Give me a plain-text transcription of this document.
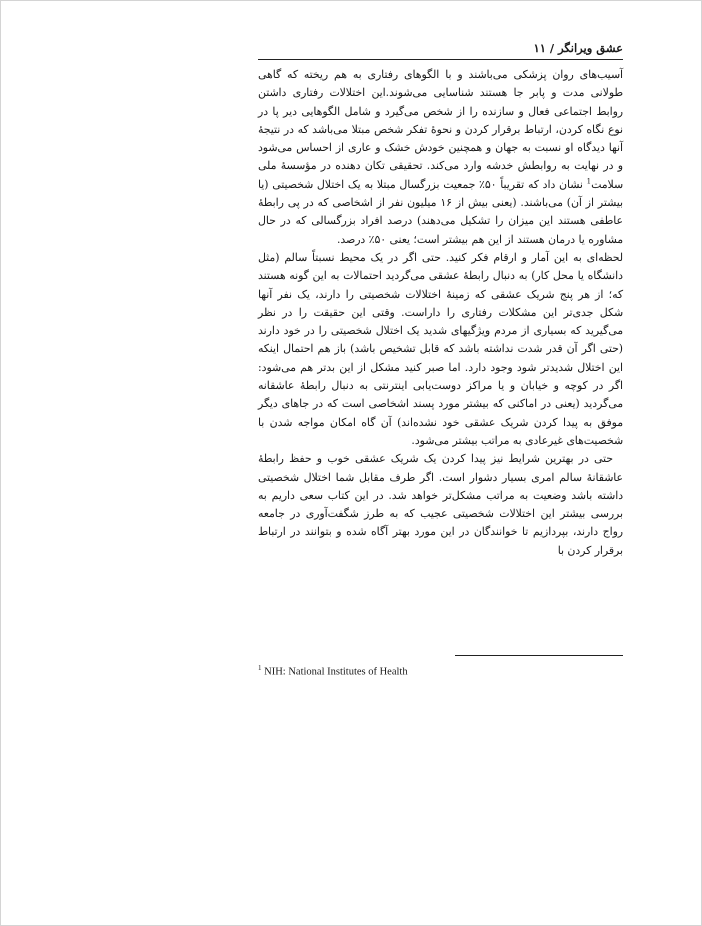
عشق ویرانگر / ۱۱

آسیب‌های روان پزشکی می‌باشند و با الگوهای رفتاری به هم ریخته که گاهی طولانی مدت و پابر جا هستند شناسایی می‌شوند.این اختلالات رفتاری داشتن روابط اجتماعی فعال و سازنده را از شخص می‌گیرد و شامل الگوهایی دیر پا در نوع نگاه کردن، ارتباط برقرار کردن و نحوهٔ تفکر شخص مبتلا می‌باشد که در نتیجهٔ آنها دیدگاه او نسبت به جهان و همچنین خودش خشک و عاری از احساس می‌شود و در نهایت به روابطش خدشه وارد می‌کند. تحقیقی تکان دهنده در مؤسسهٔ ملی سلامت$^1$ نشان داد که تقریباً ۵۰٪ جمعیت بزرگسال مبتلا به یک اختلال شخصیتی (یا بیشتر از آن) می‌باشند. (یعنی بیش از ۱۶ میلیون نفر از اشخاصی که در پی رابطهٔ عاطفی هستند این میزان را تشکیل می‌دهند) درصد افراد بزرگسالی که در حال مشاوره یا درمان هستند از این هم بیشتر است؛ یعنی ۵۰٪ درصد.

لحظه‌ای به این آمار و ارقام فکر کنید. حتی اگر در یک محیط نسبتاً سالم (مثل دانشگاه یا محل کار) به دنبال رابطهٔ عشقی می‌گردید احتمالات به این گونه هستند که؛ از هر پنج شریک عشقی که زمینهٔ اختلالات شخصیتی را دارند، یک نفر آنها شکل جدی‌تر این مشکلات رفتاری را داراست. وقتی این حقیقت را در نظر می‌گیرید که بسیاری از مردم ویژگیهای شدید یک اختلال شخصیتی را در خود دارند (حتی اگر آن قدر شدت نداشته باشد که قابل تشخیص باشد) باز هم احتمال اینکه این اختلال شدیدتر شود وجود دارد. اما صبر کنید مشکل از این بدتر هم می‌شود: اگر در کوچه و خیابان و یا مراکز دوست‌یابی اینترنتی به دنبال رابطهٔ عاشقانه می‌گردید (یعنی در اماکنی که بیشتر مورد پسند اشخاصی است که در جاهای دیگر موفق به پیدا کردن شریک عشقی خود نشده‌اند) آن گاه امکان مواجه شدن با شخصیت‌های غیرعادی به مراتب بیشتر می‌شود.

حتی در بهترین شرایط نیز پیدا کردن یک شریک عشقی خوب و حفظ رابطهٔ عاشقانهٔ سالم امری بسیار دشوار است. اگر طرف مقابل شما اختلال شخصیتی داشته باشد وضعیت به مراتب مشکل‌تر خواهد شد. در این کتاب سعی داریم به بررسی بیشتر این اختلالات شخصیتی عجیب که به طرز شگفت‌آوری در جامعه رواج دارند، بپردازیم تا خوانندگان در این مورد بهتر آگاه شده و بتوانند در ارتباط برقرار کردن با

$^1$ NIH: National Institutes of Health
